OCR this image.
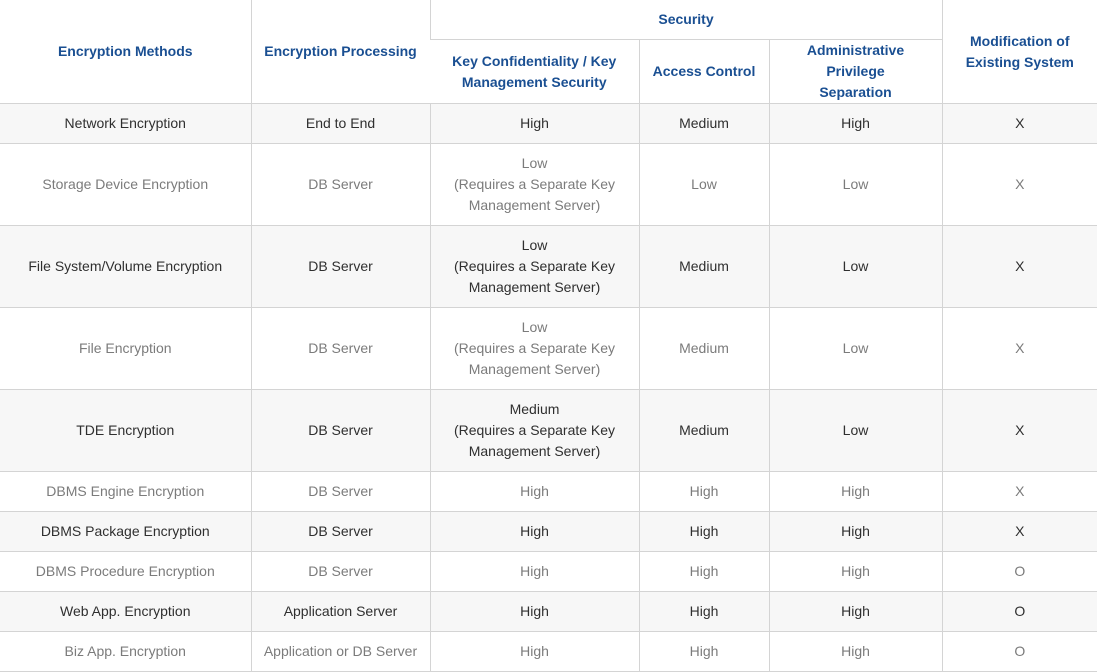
Encryption Methods	Encryption Processing	Security			Modification of
Existing System

		Key Confidentiality / Key
Management Security	Access Control	Administrative Privilege
Separation	

Network Encryption	End to End	High	Medium	High	X
Storage Device Encryption	DB Server	Low
(Requires a Separate Key
Management Server)	Low	Low	X
File System/Volume Encryption	DB Server	Low
(Requires a Separate Key
Management Server)	Medium	Low	X
File Encryption	DB Server	Low
(Requires a Separate Key
Management Server)	Medium	Low	X
TDE Encryption	DB Server	Medium
(Requires a Separate Key
Management Server)	Medium	Low	X
DBMS Engine Encryption	DB Server	High	High	High	X
DBMS Package Encryption	DB Server	High	High	High	X
DBMS Procedure Encryption	DB Server	High	High	High	O
Web App. Encryption	Application Server	High	High	High	O
Biz App. Encryption	Application or DB Server	High	High	High	O
